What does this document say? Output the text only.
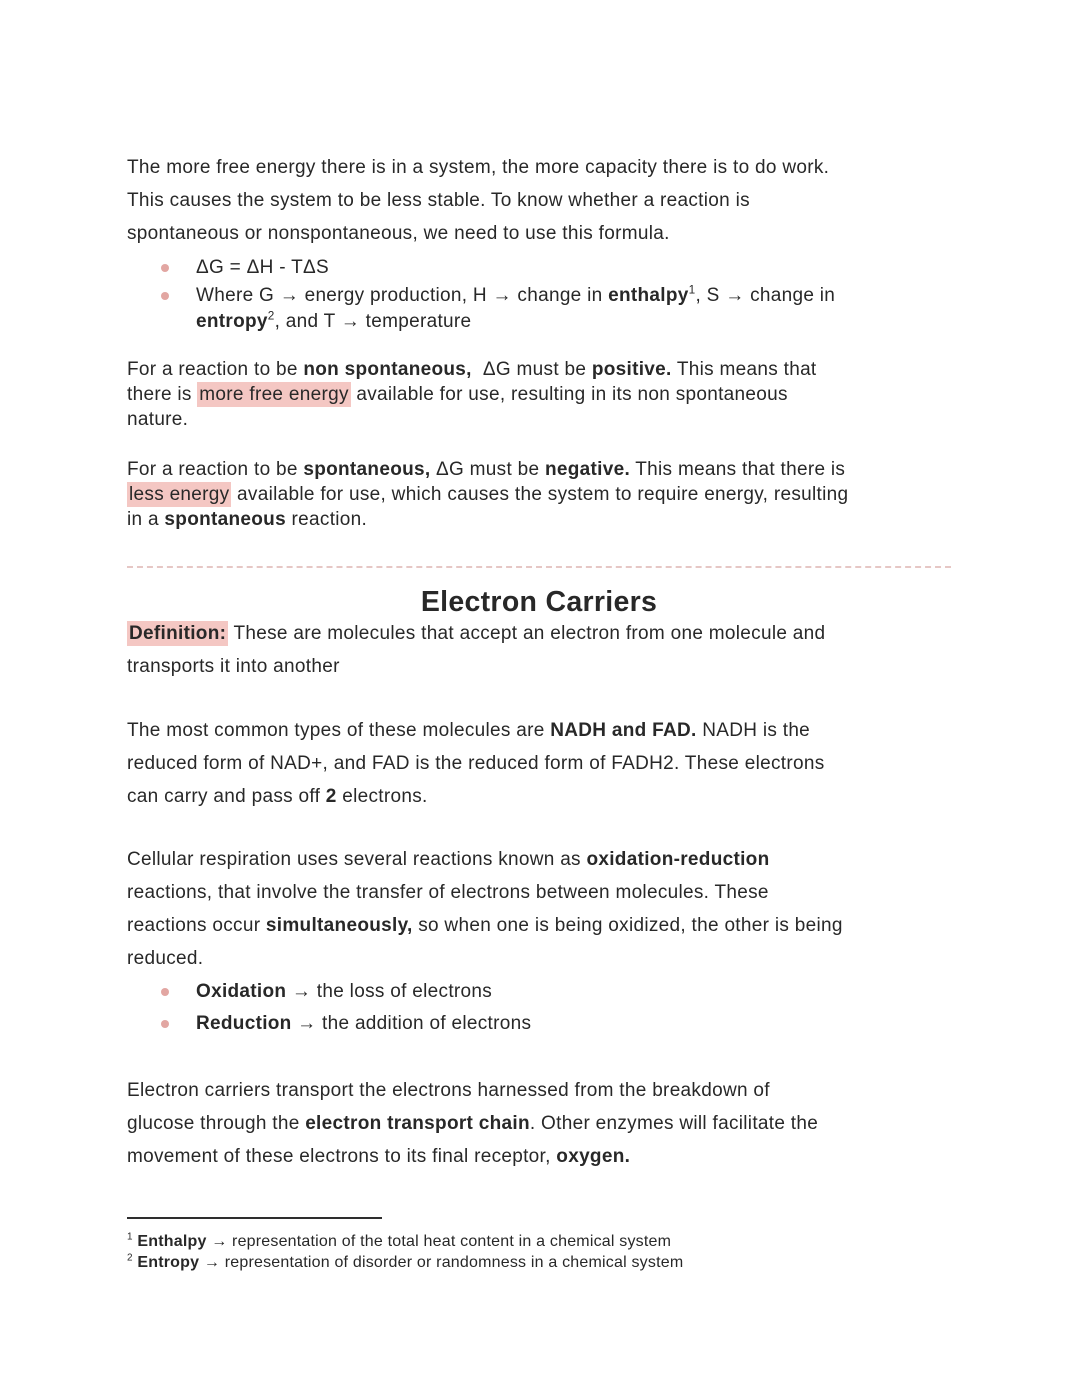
The more free energy there is in a system, the more capacity there is to do work.
This causes the system to be less stable. To know whether a reaction is
spontaneous or nonspontaneous, we need to use this formula.

ΔG = ΔH - TΔS
Where G → energy production, H → change in enthalpy$^1$, S → change in
entropy$^2$, and T → temperature

For a reaction to be non spontaneous,  ΔG must be positive. This means that
there is more free energy available for use, resulting in its non spontaneous
nature.

For a reaction to be spontaneous, ΔG must be negative. This means that there is
less energy available for use, which causes the system to require energy, resulting
in a spontaneous reaction.

Electron Carriers

Definition: These are molecules that accept an electron from one molecule and
transports it into another

The most common types of these molecules are NADH and FAD. NADH is the
reduced form of NAD+, and FAD is the reduced form of FADH2. These electrons
can carry and pass off 2 electrons.

Cellular respiration uses several reactions known as oxidation-reduction
reactions, that involve the transfer of electrons between molecules. These
reactions occur simultaneously, so when one is being oxidized, the other is being
reduced.

Oxidation → the loss of electrons
Reduction → the addition of electrons

Electron carriers transport the electrons harnessed from the breakdown of
glucose through the electron transport chain. Other enzymes will facilitate the
movement of these electrons to its final receptor, oxygen.

$^1$ Enthalpy → representation of the total heat content in a chemical system
$^2$ Entropy → representation of disorder or randomness in a chemical system
